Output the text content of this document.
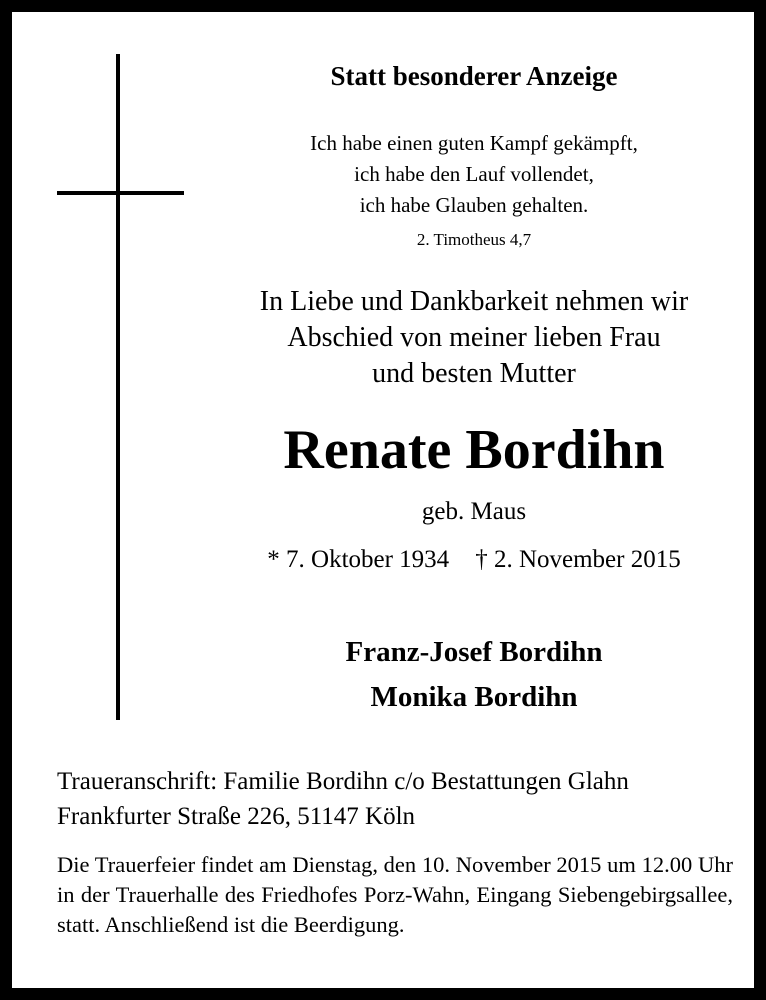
Statt besonderer Anzeige
Ich habe einen guten Kampf gekämpft,
ich habe den Lauf vollendet,
ich habe Glauben gehalten.
2. Timotheus 4,7
In Liebe und Dankbarkeit nehmen wir
Abschied von meiner lieben Frau
und besten Mutter
Renate Bordihn
geb. Maus
* 7. Oktober 1934 † 2. November 2015
Franz-Josef Bordihn
Monika Bordihn
Traueranschrift: Familie Bordihn c/o Bestattungen Glahn
Frankfurter Straße 226, 51147 Köln
Die Trauerfeier findet am Dienstag, den 10. November 2015 um 12.00 Uhr in der Trauerhalle des Friedhofes Porz-Wahn, Eingang Siebengebirgsallee, statt. Anschließend ist die Beerdigung.
